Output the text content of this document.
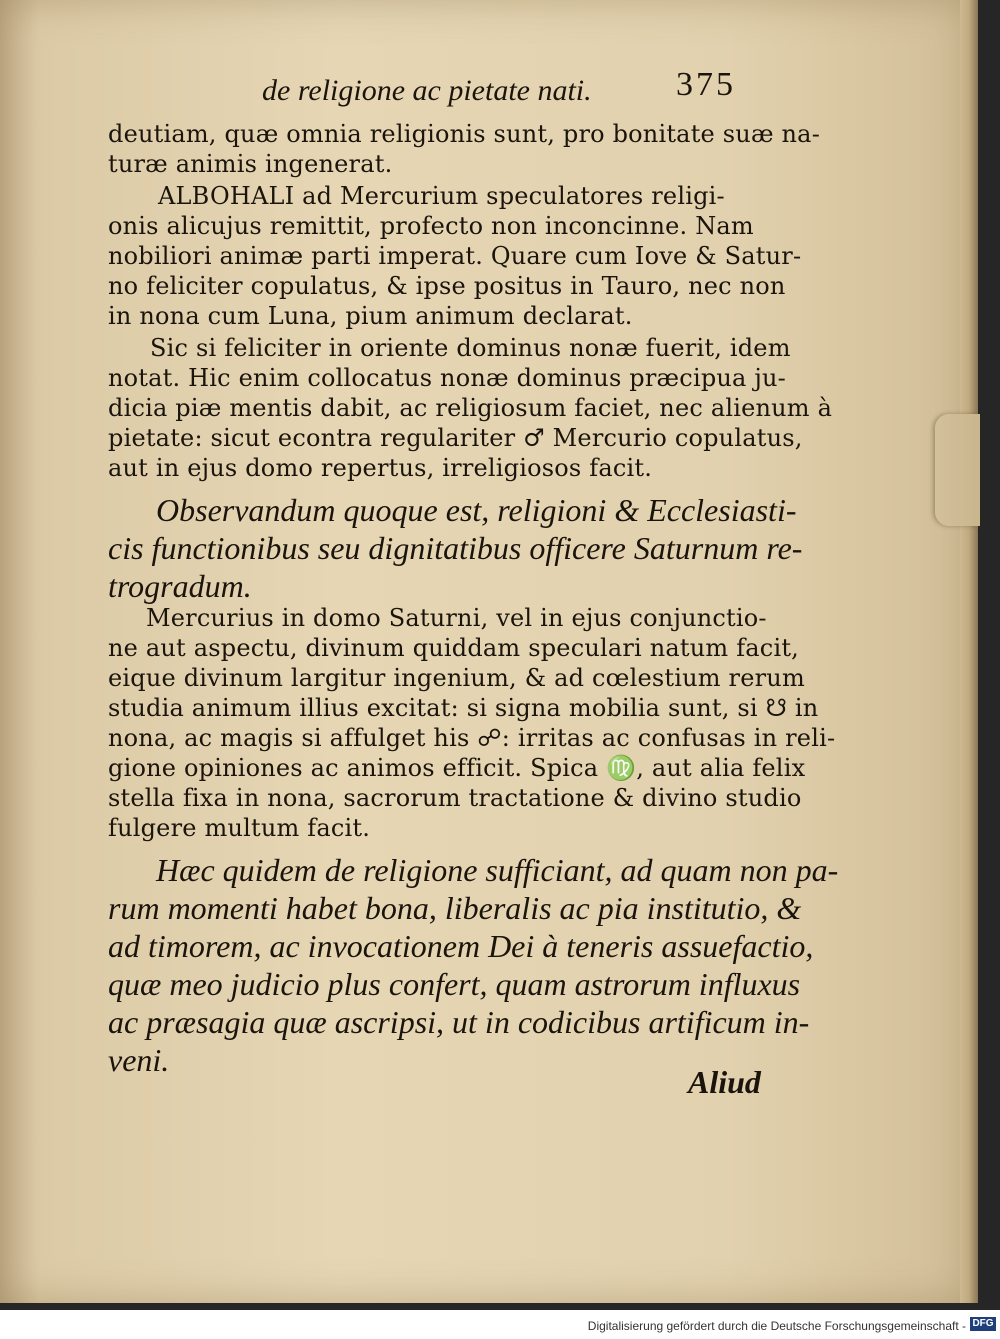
de religione ac pietate nati. 375
deutiam, quæ omnia religionis sunt, pro bonitate suæ na-
turæ animis ingenerat.
ALBOHALI ad Mercurium speculatores religi-
onis alicujus remittit, profecto non inconcinne. Nam
nobiliori animæ parti imperat. Quare cum Iove & Satur-
no feliciter copulatus, & ipse positus in Tauro, nec non
in nona cum Luna, pium animum declarat.
Sic si feliciter in oriente dominus nonæ fuerit, idem
notat. Hic enim collocatus nonæ dominus præcipua ju-
dicia piæ mentis dabit, ac religiosum faciet, nec alienum à
pietate: sicut econtra regulariter ♂ Mercurio copulatus,
aut in ejus domo repertus, irreligiosos facit.
Observandum quoque est, religioni & Ecclesiasti-
cis functionibus seu dignitatibus officere Saturnum re-
trogradum.
Mercurius in domo Saturni, vel in ejus conjunctio-
ne aut aspectu, divinum quiddam speculari natum facit,
eique divinum largitur ingenium, & ad cœlestium rerum
studia animum illius excitat: si signa mobilia sunt, si ☋ in
nona, ac magis si affulget his ☍: irritas ac confusas in reli-
gione opiniones ac animos efficit. Spica ♍, aut alia felix
stella fixa in nona, sacrorum tractatione & divino studio
fulgere multum facit.
Hæc quidem de religione sufficiant, ad quam non pa-
rum momenti habet bona, liberalis ac pia institutio, &
ad timorem, ac invocationem Dei à teneris assuefactio,
quæ meo judicio plus confert, quam astrorum influxus
ac præsagia quæ ascripsi, ut in codicibus artificum in-
veni.
Aliud
Digitalisierung gefördert durch die Deutsche Forschungsgemeinschaft - DFG
